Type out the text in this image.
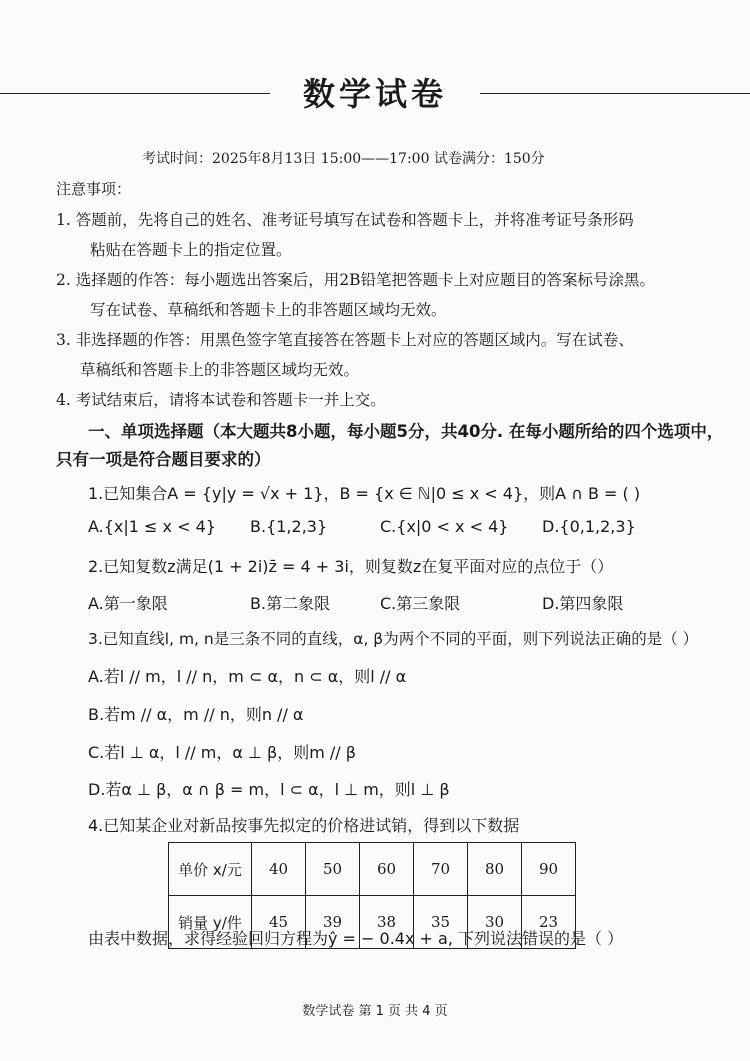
数学试卷
考试时间：2025年8月13日 15:00——17:00 试卷满分：150分
注意事项：
1. 答题前，先将自己的姓名、准考证号填写在试卷和答题卡上，并将准考证号条形码
粘贴在答题卡上的指定位置。
2. 选择题的作答：每小题选出答案后，用2B铅笔把答题卡上对应题目的答案标号涂黑。
写在试卷、草稿纸和答题卡上的非答题区域均无效。
3. 非选择题的作答：用黑色签字笔直接答在答题卡上对应的答题区域内。写在试卷、
草稿纸和答题卡上的非答题区域均无效。
4. 考试结束后，请将本试卷和答题卡一并上交。
一、单项选择题（本大题共8小题，每小题5分，共40分. 在每小题所给的四个选项中，
只有一项是符合题目要求的）
1.已知集合A = {y|y = √x + 1}，B = {x ∈ ℕ|0 ≤ x < 4}，则A ∩ B = ( )
A.{x|1 ≤ x < 4} B.{1,2,3}	C.{x|0 < x < 4} D.{0,1,2,3}
2.已知复数z满足(1 + 2i)z̄ = 4 + 3i，则复数z在复平面对应的点位于（）
A.第一象限	B.第二象限	C.第三象限	D.第四象限
3.已知直线l, m, n是三条不同的直线，α, β为两个不同的平面，则下列说法正确的是（ ）
A.若l // m，l // n，m ⊂ α，n ⊂ α，则l // α
B.若m // α，m // n，则n // α
C.若l ⊥ α，l // m，α ⊥ β，则m // β
D.若α ⊥ β，α ∩ β = m，l ⊂ α，l ⊥ m，则l ⊥ β
4.已知某企业对新品按事先拟定的价格进试销，得到以下数据
单价 x/元	40	50	60	70	80	90
销量 y/件	45	39	38	35	30	23
由表中数据，求得经验回归方程为ŷ = − 0.4x + a, 下列说法错误的是（ ）
数学试卷 第 1 页 共 4 页
